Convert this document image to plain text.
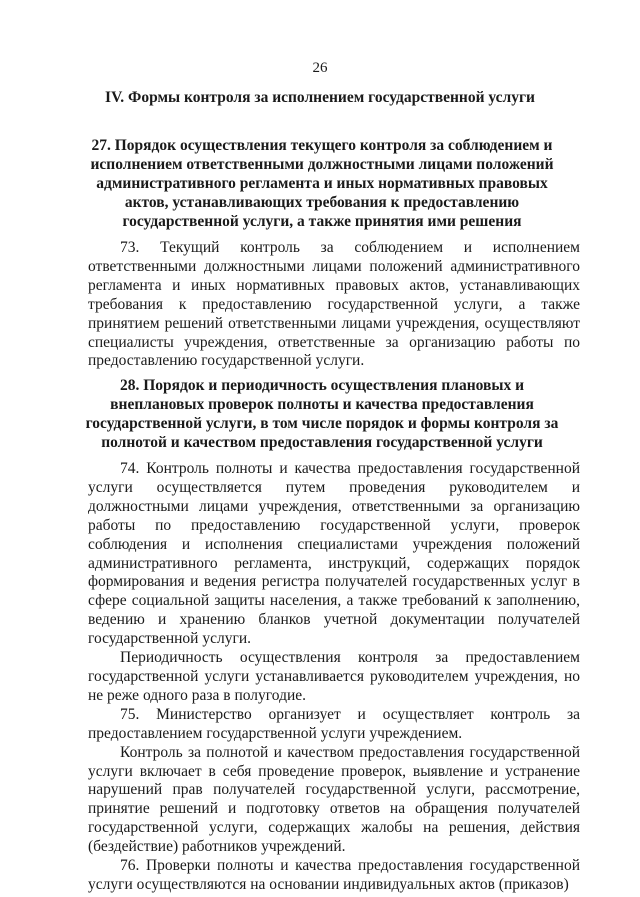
26
IV. Формы контроля за исполнением государственной услуги
27. Порядок осуществления текущего контроля за соблюдением и исполнением ответственными должностными лицами положений административного регламента и иных нормативных правовых актов, устанавливающих требования к предоставлению государственной услуги, а также принятия ими решения

73. Текущий контроль за соблюдением и исполнением ответственными должностными лицами положений административного регламента и иных нормативных правовых актов, устанавливающих требования к предоставлению государственной услуги, а также принятием решений ответственными лицами учреждения, осуществляют специалисты учреждения, ответственные за организацию работы по предоставлению государственной услуги.

28. Порядок и периодичность осуществления плановых и внеплановых проверок полноты и качества предоставления государственной услуги, в том числе порядок и формы контроля за полнотой и качеством предоставления государственной услуги

74. Контроль полноты и качества предоставления государственной услуги осуществляется путем проведения руководителем и должностными лицами учреждения, ответственными за организацию работы по предоставлению государственной услуги, проверок соблюдения и исполнения специалистами учреждения положений административного регламента, инструкций, содержащих порядок формирования и ведения регистра получателей государственных услуг в сфере социальной защиты населения, а также требований к заполнению, ведению и хранению бланков учетной документации получателей государственной услуги.

Периодичность осуществления контроля за предоставлением государственной услуги устанавливается руководителем учреждения, но не реже одного раза в полугодие.

75. Министерство организует и осуществляет контроль за предоставлением государственной услуги учреждением.

Контроль за полнотой и качеством предоставления государственной услуги включает в себя проведение проверок, выявление и устранение нарушений прав получателей государственной услуги, рассмотрение, принятие решений и подготовку ответов на обращения получателей государственной услуги, содержащих жалобы на решения, действия (бездействие) работников учреждений.

76. Проверки полноты и качества предоставления государственной услуги осуществляются на основании индивидуальных актов (приказов)
